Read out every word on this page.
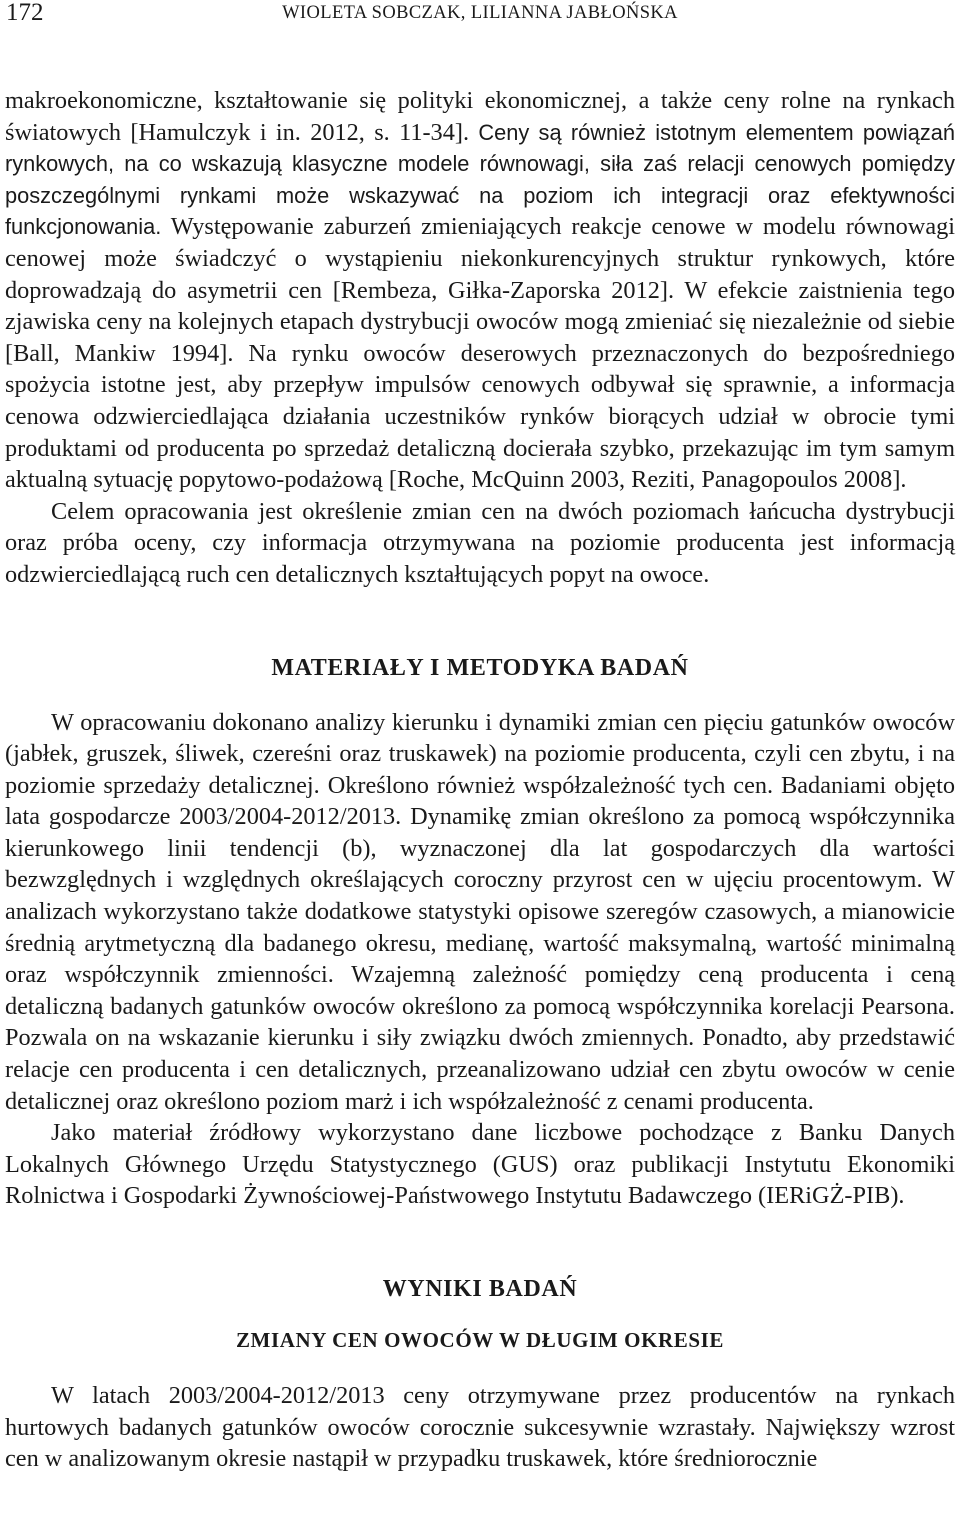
172	WIOLETA SOBCZAK, LILIANNA JABŁOŃSKA

makroekonomiczne, kształtowanie się polityki ekonomicznej, a także ceny rolne na rynkach światowych [Hamulczyk i in. 2012, s. 11-34]. Ceny są również istotnym elementem powiązań rynkowych, na co wskazują klasyczne modele równowagi, siła zaś relacji cenowych pomiędzy poszczególnymi rynkami może wskazywać na poziom ich integracji oraz efektywności funkcjonowania. Występowanie zaburzeń zmieniających reakcje cenowe w modelu równowagi cenowej może świadczyć o wystąpieniu niekonkurencyjnych struktur rynkowych, które doprowadzają do asymetrii cen [Rembeza, Giłka-Zaporska 2012]. W efekcie zaistnienia tego zjawiska ceny na kolejnych etapach dystrybucji owoców mogą zmieniać się niezależnie od siebie [Ball, Mankiw 1994]. Na rynku owoców deserowych przeznaczonych do bezpośredniego spożycia istotne jest, aby przepływ impulsów cenowych odbywał się sprawnie, a informacja cenowa odzwierciedlająca działania uczestników rynków biorących udział w obrocie tymi produktami od producenta po sprzedaż detaliczną docierała szybko, przekazując im tym samym aktualną sytuację popytowo-podażową [Roche, McQuinn 2003, Reziti, Panagopoulos 2008].

Celem opracowania jest określenie zmian cen na dwóch poziomach łańcucha dystrybucji oraz próba oceny, czy informacja otrzymywana na poziomie producenta jest informacją odzwierciedlającą ruch cen detalicznych kształtujących popyt na owoce.

MATERIAŁY I METODYKA BADAŃ

W opracowaniu dokonano analizy kierunku i dynamiki zmian cen pięciu gatunków owoców (jabłek, gruszek, śliwek, czereśni oraz truskawek) na poziomie producenta, czyli cen zbytu, i na poziomie sprzedaży detalicznej. Określono również współzależność tych cen. Badaniami objęto lata gospodarcze 2003/2004-2012/2013. Dynamikę zmian określono za pomocą współczynnika kierunkowego linii tendencji (b), wyznaczonej dla lat gospodarczych dla wartości bezwzględnych i względnych określających coroczny przyrost cen w ujęciu procentowym. W analizach wykorzystano także dodatkowe statystyki opisowe szeregów czasowych, a mianowicie średnią arytmetyczną dla badanego okresu, medianę, wartość maksymalną, wartość minimalną oraz współczynnik zmienności. Wzajemną zależność pomiędzy ceną producenta i ceną detaliczną badanych gatunków owoców określono za pomocą współczynnika korelacji Pearsona. Pozwala on na wskazanie kierunku i siły związku dwóch zmiennych. Ponadto, aby przedstawić relacje cen producenta i cen detalicznych, przeanalizowano udział cen zbytu owoców w cenie detalicznej oraz określono poziom marż i ich współzależność z cenami producenta.

Jako materiał źródłowy wykorzystano dane liczbowe pochodzące z Banku Danych Lokalnych Głównego Urzędu Statystycznego (GUS) oraz publikacji Instytutu Ekonomiki Rolnictwa i Gospodarki Żywnościowej-Państwowego Instytutu Badawczego (IERiGŻ-PIB).

WYNIKI BADAŃ
ZMIANY CEN OWOCÓW W DŁUGIM OKRESIE

W latach 2003/2004-2012/2013 ceny otrzymywane przez producentów na rynkach hurtowych badanych gatunków owoców corocznie sukcesywnie wzrastały. Największy wzrost cen w analizowanym okresie nastąpił w przypadku truskawek, które średniorocznie
